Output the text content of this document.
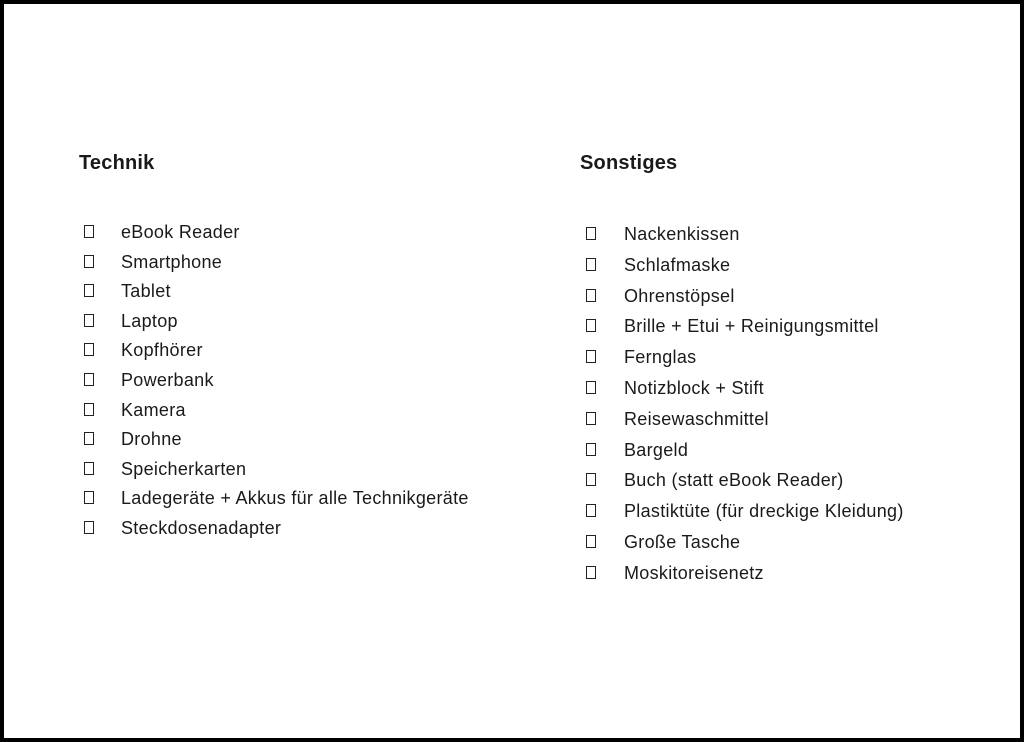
Technik
eBook Reader
Smartphone
Tablet
Laptop
Kopfhörer
Powerbank
Kamera
Drohne
Speicherkarten
Ladegeräte + Akkus für alle Technikgeräte
Steckdosenadapter
Sonstiges
Nackenkissen
Schlafmaske
Ohrenstöpsel
Brille + Etui + Reinigungsmittel
Fernglas
Notizblock + Stift
Reisewaschmittel
Bargeld
Buch (statt eBook Reader)
Plastiktüte (für dreckige Kleidung)
Große Tasche
Moskitoreisenetz
